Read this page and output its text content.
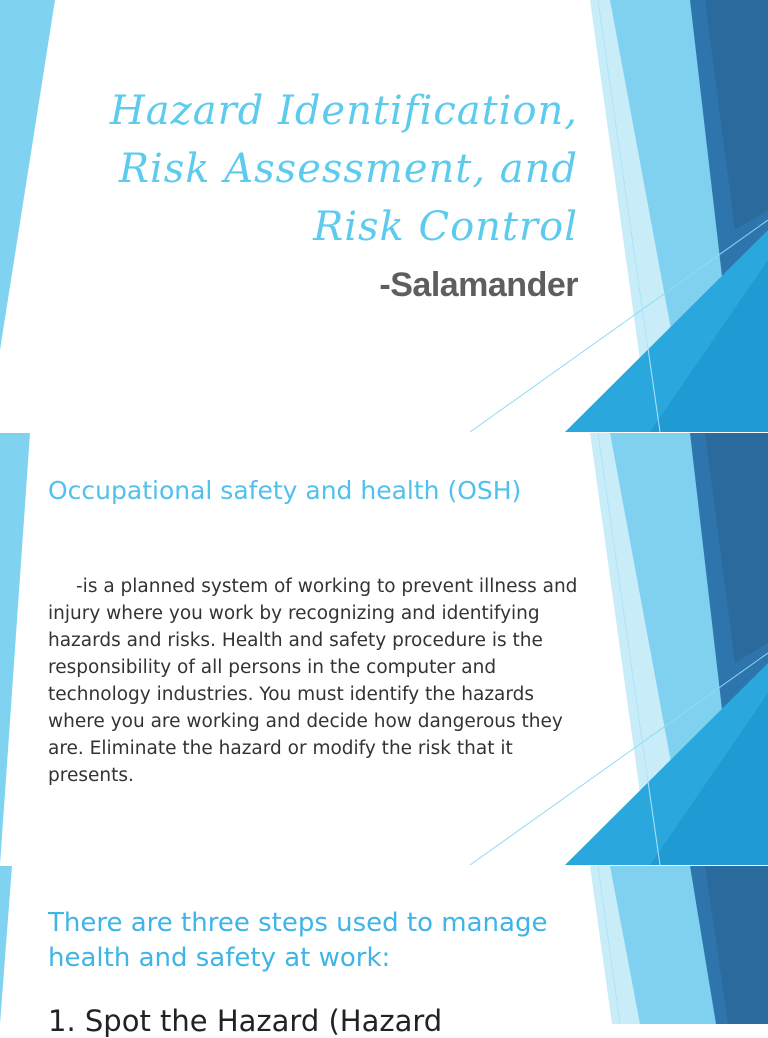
Hazard Identification,
Risk Assessment, and
Risk Control
-Salamander
Occupational safety and health (OSH)
-is a planned system of working to prevent illness and injury where you work by recognizing and identifying hazards and risks. Health and safety procedure is the responsibility of all persons in the computer and technology industries. You must identify the hazards where you are working and decide how dangerous they are. Eliminate the hazard or modify the risk that it presents.
There are three steps used to manage health and safety at work:
1. Spot the Hazard (Hazard
